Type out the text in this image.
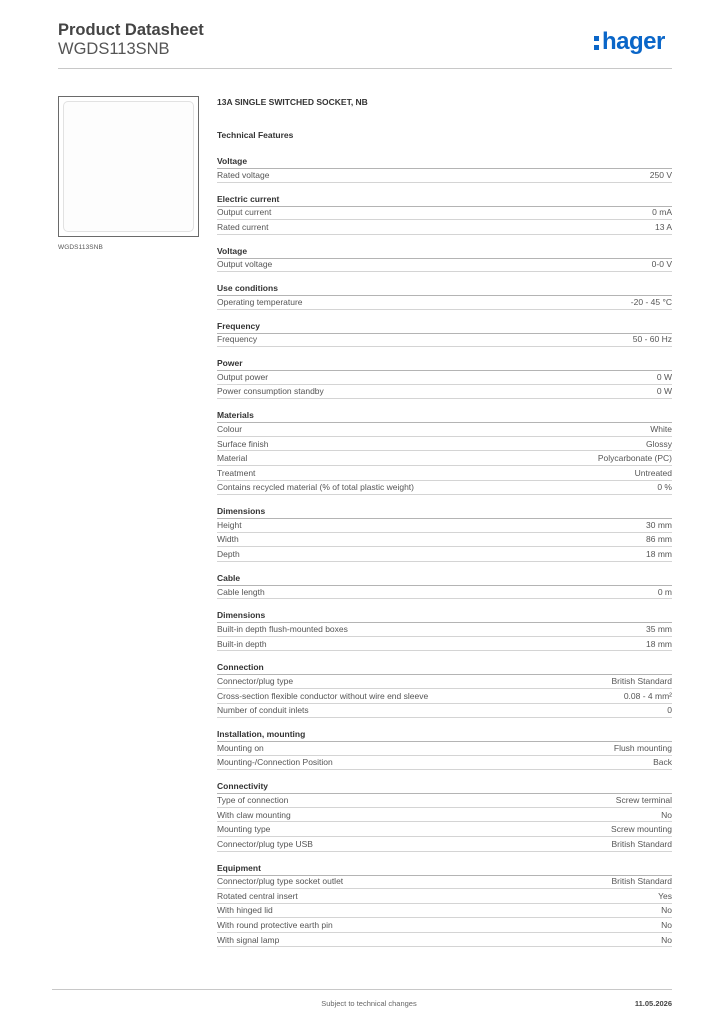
Product Datasheet
WGDS113SNB	hager
WGDS113SNB
13A SINGLE SWITCHED SOCKET, NB
Technical Features
Voltage
Rated voltage	250 V
Electric current
Output current	0 mA
Rated current	13 A
Voltage
Output voltage	0-0 V
Use conditions
Operating temperature	-20 - 45 °C
Frequency
Frequency	50 - 60 Hz
Power
Output power	0 W
Power consumption standby	0 W
Materials
Colour	White
Surface finish	Glossy
Material	Polycarbonate (PC)
Treatment	Untreated
Contains recycled material (% of total plastic weight)	0 %
Dimensions
Height	30 mm
Width	86 mm
Depth	18 mm
Cable
Cable length	0 m
Dimensions
Built-in depth flush-mounted boxes	35 mm
Built-in depth	18 mm
Connection
Connector/plug type	British Standard
Cross-section flexible conductor without wire end sleeve	0.08 - 4 mm²
Number of conduit inlets	0
Installation, mounting
Mounting on	Flush mounting
Mounting-/Connection Position	Back
Connectivity
Type of connection	Screw terminal
With claw mounting	No
Mounting type	Screw mounting
Connector/plug type USB	British Standard
Equipment
Connector/plug type socket outlet	British Standard
Rotated central insert	Yes
With hinged lid	No
With round protective earth pin	No
With signal lamp	No
Subject to technical changes	11.05.2026
